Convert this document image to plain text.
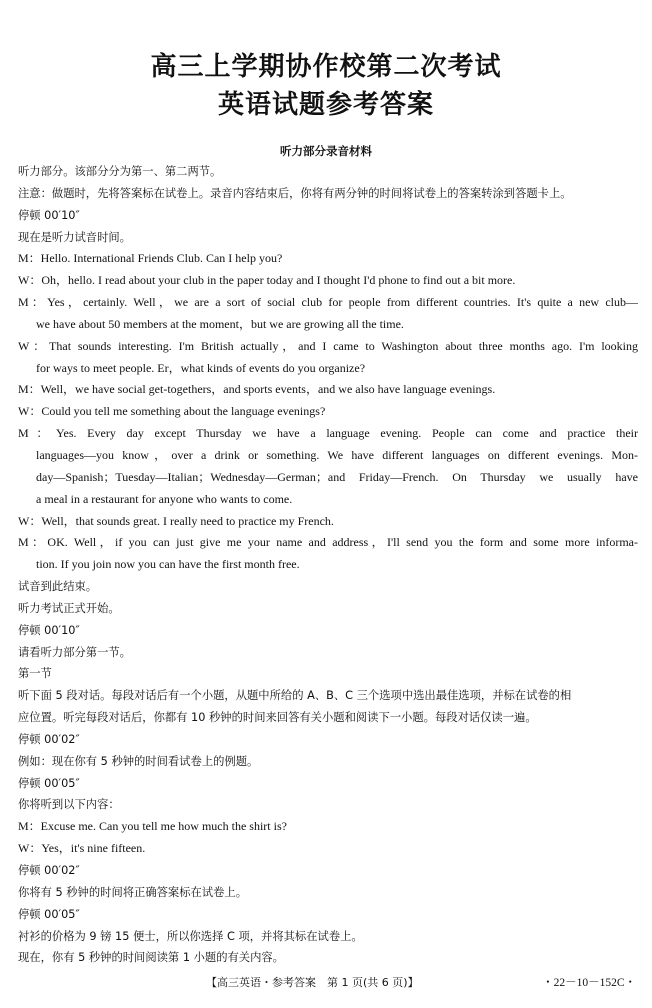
高三上学期协作校第二次考试
英语试题参考答案
听力部分录音材料
听力部分。该部分分为第一、第二两节。
注意：做题时，先将答案标在试卷上。录音内容结束后，你将有两分钟的时间将试卷上的答案转涂到答题卡上。
停顿 00′10″
现在是听力试音时间。
M：Hello. International Friends Club. Can I help you?
W：Oh，hello. I read about your club in the paper today and I thought I'd phone to find out a bit more.
M：Yes，certainly. Well，we are a sort of social club for people from different countries. It's quite a new club—
we have about 50 members at the moment，but we are growing all the time.
W：That sounds interesting. I'm British actually，and I came to Washington about three months ago. I'm looking
for ways to meet people. Er，what kinds of events do you organize?
M：Well，we have social get-togethers，and sports events，and we also have language evenings.
W：Could you tell me something about the language evenings?
M：Yes. Every day except Thursday we have a language evening. People can come and practice their
languages—you know，over a drink or something. We have different languages on different evenings. Mon-
day—Spanish；Tuesday—Italian；Wednesday—German；and Friday—French. On Thursday we usually have
a meal in a restaurant for anyone who wants to come.
W：Well，that sounds great. I really need to practice my French.
M：OK. Well，if you can just give me your name and address，I'll send you the form and some more informa-
tion. If you join now you can have the first month free.
试音到此结束。
听力考试正式开始。
停顿 00′10″
请看听力部分第一节。
第一节
听下面 5 段对话。每段对话后有一个小题，从题中所给的 A、B、C 三个选项中选出最佳选项，并标在试卷的相
应位置。听完每段对话后，你都有 10 秒钟的时间来回答有关小题和阅读下一小题。每段对话仅读一遍。
停顿 00′02″
例如：现在你有 5 秒钟的时间看试卷上的例题。
停顿 00′05″
你将听到以下内容：
M：Excuse me. Can you tell me how much the shirt is?
W：Yes，it's nine fifteen.
停顿 00′02″
你将有 5 秒钟的时间将正确答案标在试卷上。
停顿 00′05″
衬衫的价格为 9 镑 15 便士，所以你选择 C 项，并将其标在试卷上。
现在，你有 5 秒钟的时间阅读第 1 小题的有关内容。
【高三英语・参考答案　第 1 页(共 6 页)】	・22－10－152C・
